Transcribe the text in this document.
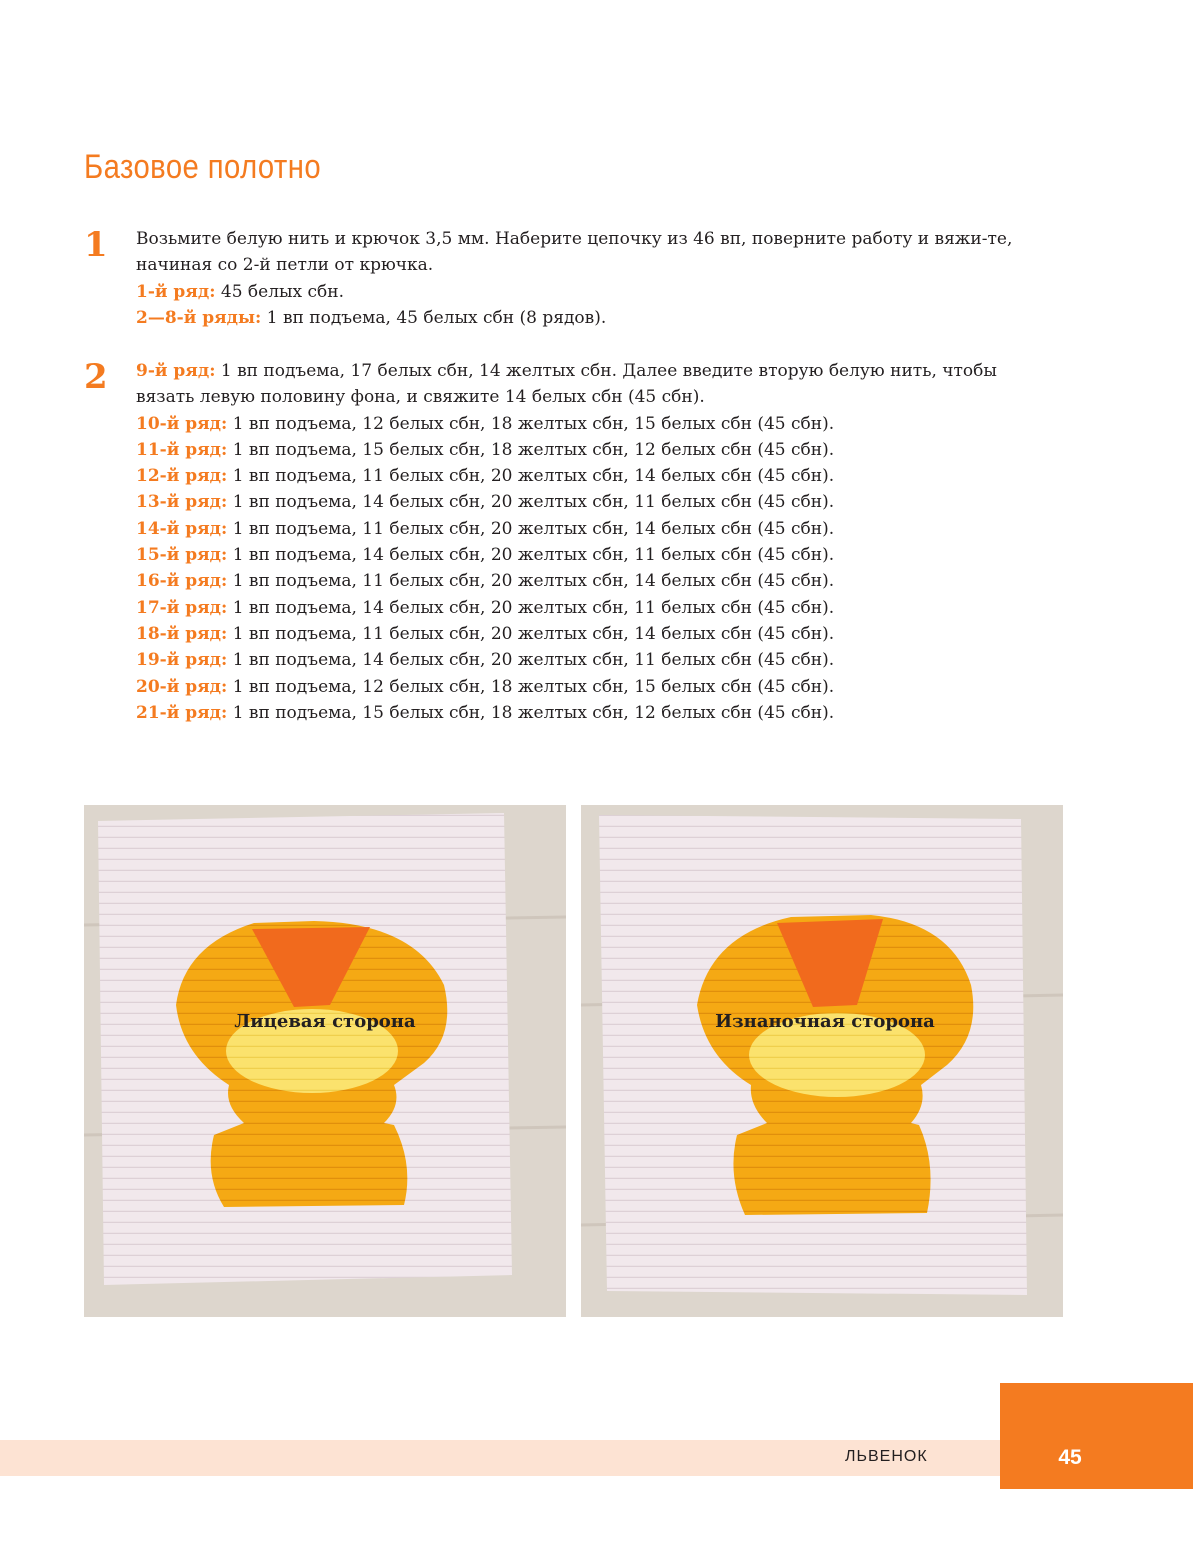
Базовое полотно
1 Возьмите белую нить и крючок 3,5 мм. Наберите цепочку из 46 вп, поверните работу и вяжи-те, начиная со 2-й петли от крючка.

1-й ряд: 45 белых сбн.

2—8-й ряды: 1 вп подъема, 45 белых сбн (8 рядов).

2 9-й ряд: 1 вп подъема, 17 белых сбн, 14 желтых сбн. Далее введите вторую белую нить, чтобы вязать левую половину фона, и свяжите 14 белых сбн (45 сбн).

10-й ряд: 1 вп подъема, 12 белых сбн, 18 желтых сбн, 15 белых сбн (45 сбн).

11-й ряд: 1 вп подъема, 15 белых сбн, 18 желтых сбн, 12 белых сбн (45 сбн).

12-й ряд: 1 вп подъема, 11 белых сбн, 20 желтых сбн, 14 белых сбн (45 сбн).

13-й ряд: 1 вп подъема, 14 белых сбн, 20 желтых сбн, 11 белых сбн (45 сбн).

14-й ряд: 1 вп подъема, 11 белых сбн, 20 желтых сбн, 14 белых сбн (45 сбн).

15-й ряд: 1 вп подъема, 14 белых сбн, 20 желтых сбн, 11 белых сбн (45 сбн).

16-й ряд: 1 вп подъема, 11 белых сбн, 20 желтых сбн, 14 белых сбн (45 сбн).

17-й ряд: 1 вп подъема, 14 белых сбн, 20 желтых сбн, 11 белых сбн (45 сбн).

18-й ряд: 1 вп подъема, 11 белых сбн, 20 желтых сбн, 14 белых сбн (45 сбн).

19-й ряд: 1 вп подъема, 14 белых сбн, 20 желтых сбн, 11 белых сбн (45 сбн).

20-й ряд: 1 вп подъема, 12 белых сбн, 18 желтых сбн, 15 белых сбн (45 сбн).

21-й ряд: 1 вп подъема, 15 белых сбн, 18 желтых сбн, 12 белых сбн (45 сбн).

Лицевая сторона	Изнаночная сторона
ЛЬВЕНОК	45
